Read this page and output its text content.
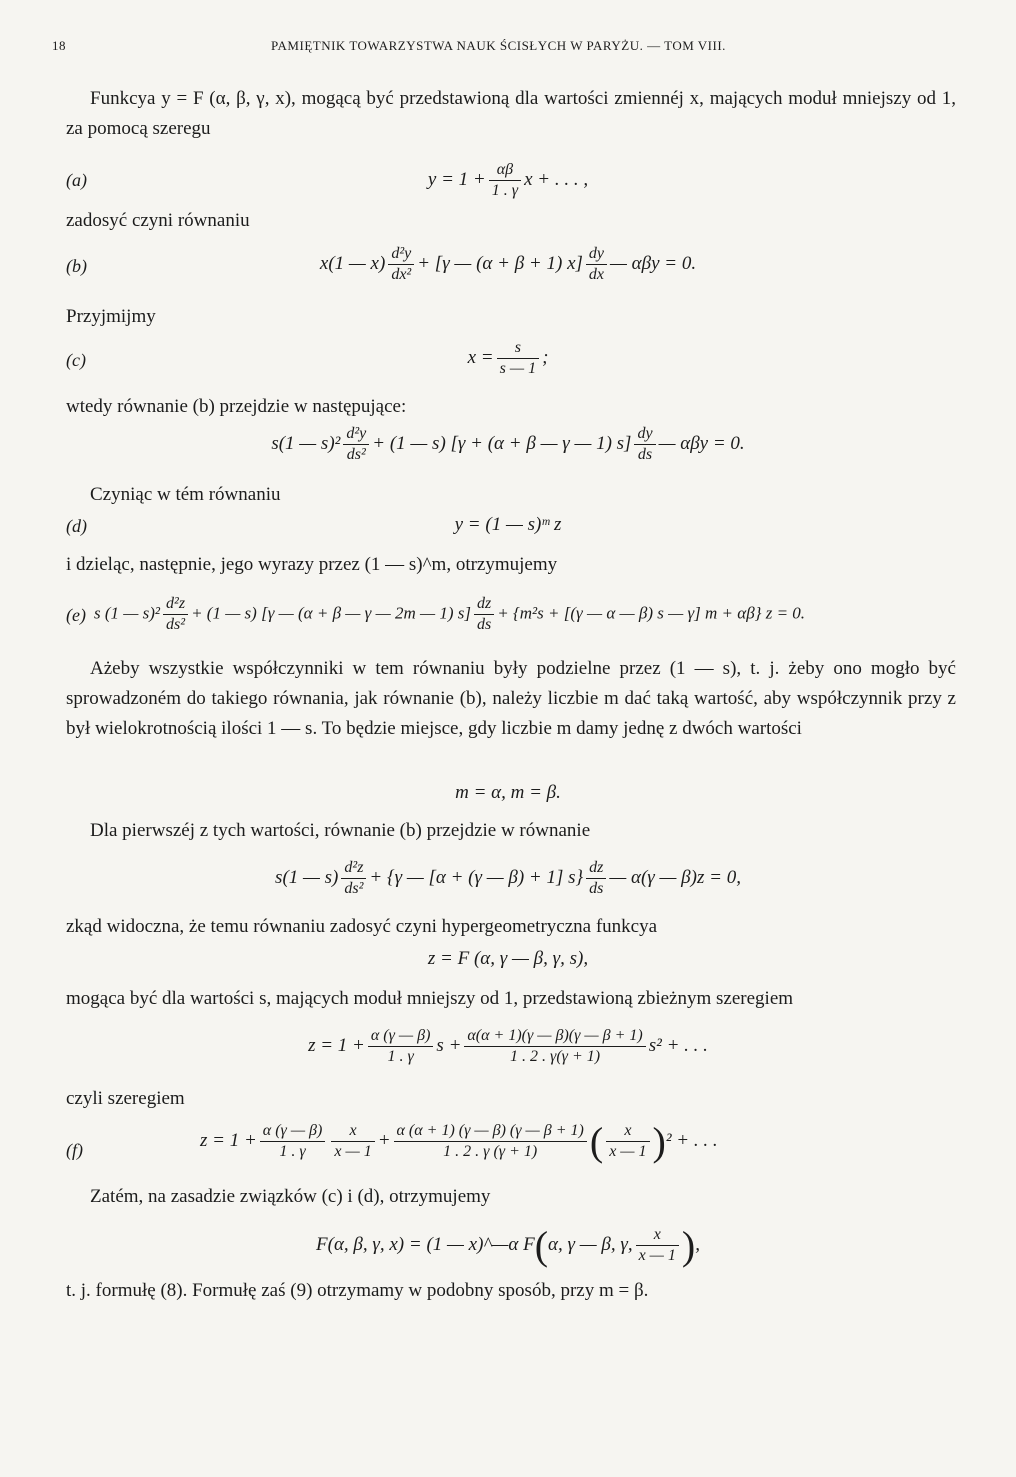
18	PAMIĘTNIK TOWARZYSTWA NAUK ŚCISŁYCH W PARYŻU. — TOM VIII.
Funkcya y = F (α, β, γ, x), mogącą być przedstawioną dla wartości zmiennéj x, mających moduł mniejszy od 1, za pomocą szeregu
(a)	$y = 1 + \frac{\alpha\beta}{1 . \gamma}$ x + . . . ,
zadosyć czyni równaniu
(b)	x(1 — $x) \frac{\text{d²y}}{\text{dx²}} + [\gamma$ — (α + β + 1) $x] \frac{dy}{dx}$ — αβy = 0.
Przyjmijmy
(c)	$x = \frac{s}{s — 1}$ ;
wtedy równanie (b) przejdzie w następujące:
s(1 — $s)^2 \frac{\text{d²y}}{\text{ds²}} + (1$ — s) [γ + (α + β — γ — 1) $s] \frac{dy}{ds}$ — αβy = 0.
Czyniąc w tém równaniu
(d)	y = (1 — s)ᵐ z
i dzieląc, następnie, jego wyrazy przez (1 — s)^m, otrzymujemy
(e) s (1 — $s)^2 \frac{\text{d²z}}{\text{ds²}} + (1$ — s) [γ — (α + β — γ — 2m — 1) $s] \frac{dz}{ds} + \{m^2s + [(\gamma$ — α — β) s — γ] m + αβ} z = 0.
Ażeby wszystkie współczynniki w tem równaniu były podzielne przez (1 — s), t. j. żeby ono mogło być sprowadzoném do takiego równania, jak równanie (b), należy liczbie m dać taką wartość, aby współczynnik przy z był wielokrotnością ilości 1 — s. To będzie miejsce, gdy liczbie m damy jednę z dwóch wartości
m = α, m = β.
Dla pierwszéj z tych wartości, równanie (b) przejdzie w równanie
s(1 — $s) \frac{\text{d²z}}{\text{ds²}} + \{\gamma$ — [α + (γ — β) + 1] $s\} \frac{dz}{ds}$ — α(γ — β)z = 0,
zkąd widoczna, że temu równaniu zadosyć czyni hypergeometryczna funkcya
z = F (α, γ — β, γ, s),
mogąca być dla wartości s, mających moduł mniejszy od 1, przedstawioną zbieżnym szeregiem
$z = 1 + \frac{\alpha (\gamma — \beta)}{1 . \gamma}$ $s + \frac{\alpha(\alpha + 1)(\gamma — \beta)(\gamma — \beta + 1)}{1 . 2 . \gamma(\gamma + 1)} s^2$ + . . .
czyli szeregiem
(f)	$z = 1 + \frac{\alpha (\gamma — \beta)}{1 . \gamma} \frac{x}{x — 1} + \frac{\alpha (\alpha + 1) (\gamma — \beta) (\gamma — \beta + 1)}{1 . 2 . \gamma (\gamma + 1)}$ ( $\frac{x}{x — 1} )^2$ + . . .
Zatém, na zasadzie związków (c) i (d), otrzymujemy
F(α, β, γ, x) = (1 — x)^—α F(α, γ — β, γ, $\frac{x}{x — 1}$ ),
t. j. formułę (8). Formułę zaś (9) otrzymamy w podobny sposób, przy m = β.
